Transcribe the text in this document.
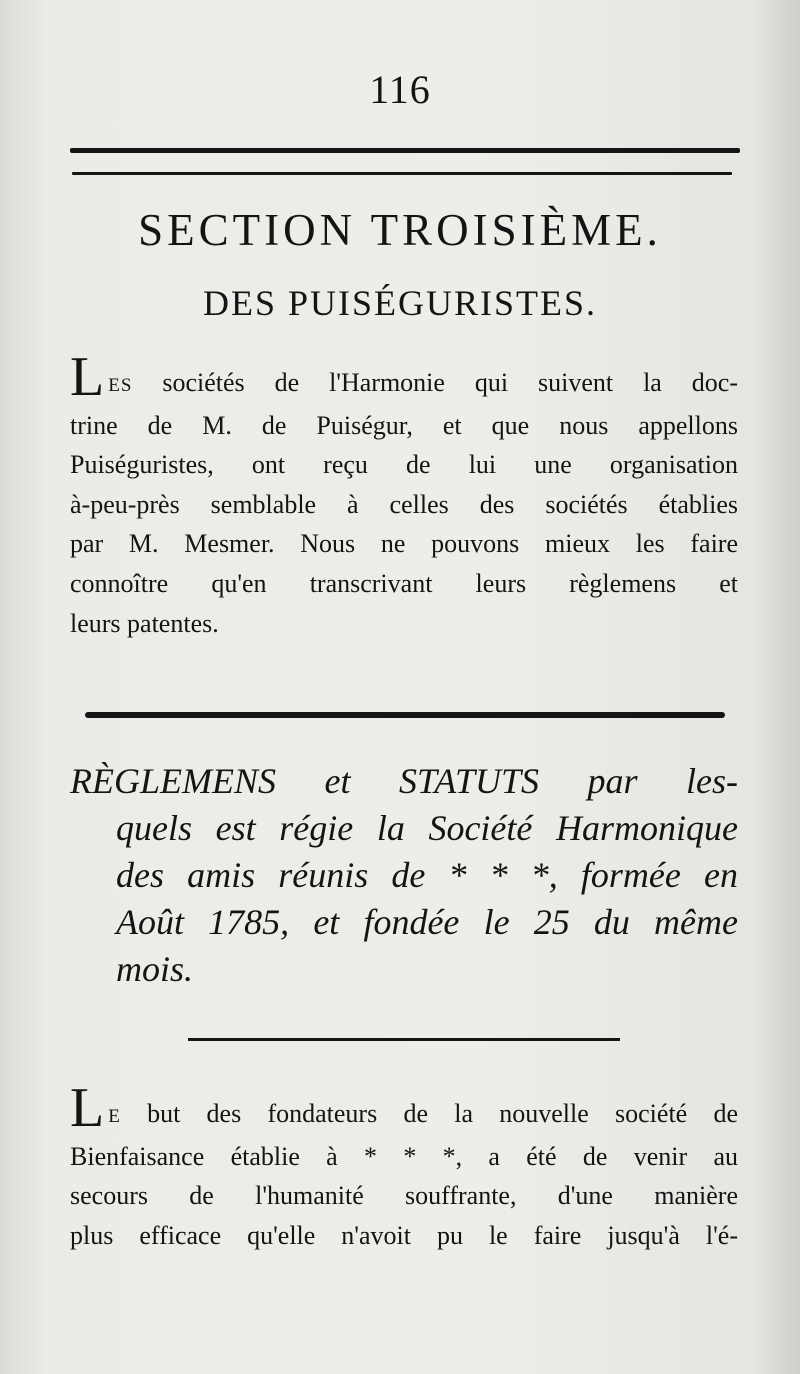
116
SECTION TROISIÈME.
DES PUISÉGURISTES.
LES sociétés de l'Harmonie qui suivent la doc-
trine de M. de Puiségur, et que nous appellons
Puiséguristes, ont reçu de lui une organisation
à-peu-près semblable à celles des sociétés établies
par M. Mesmer. Nous ne pouvons mieux les faire
connoître qu'en transcrivant leurs règlemens et
leurs patentes.
RÈGLEMENS et STATUTS par les-
quels est régie la Société Harmonique
des amis réunis de * * *, formée en
Août 1785, et fondée le 25 du même
mois.
L E but des fondateurs de la nouvelle société de
Bienfaisance établie à * * *, a été de venir au
secours de l'humanité souffrante, d'une manière
plus efficace qu'elle n'avoit pu le faire jusqu'à l'é-
